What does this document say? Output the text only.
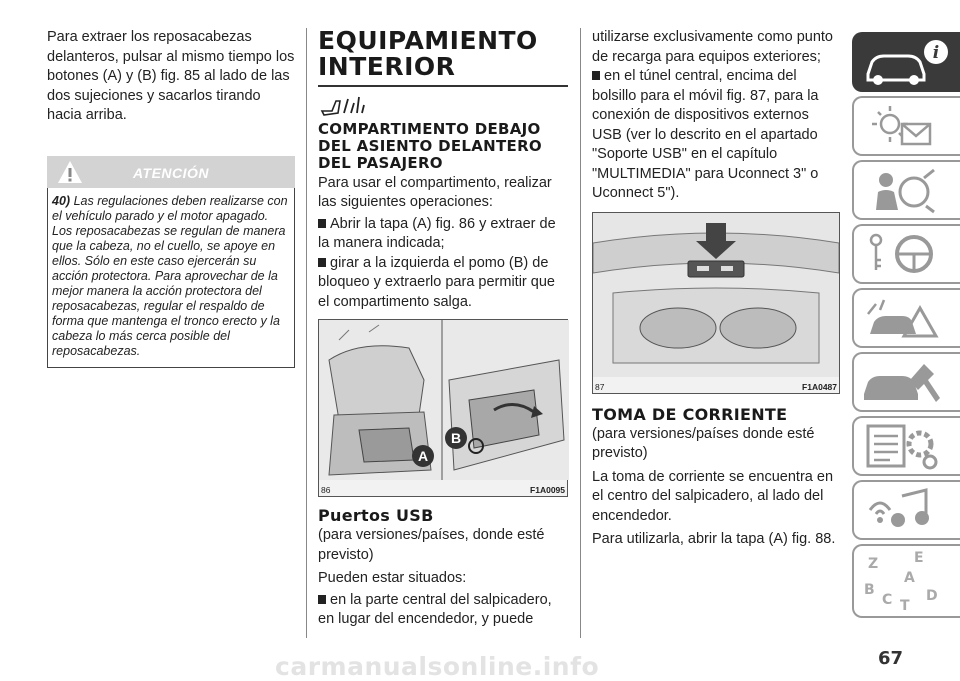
Para extraer los reposacabezas delanteros, pulsar al mismo tiempo los botones (A) y (B) fig. 85 al lado de las dos sujeciones y sacarlos tirando hacia arriba.

ATENCIÓN
40) Las regulaciones deben realizarse con el vehículo parado y el motor apagado. Los reposacabezas se regulan de manera que la cabeza, no el cuello, se apoye en ellos. Sólo en este caso ejercerán su acción protectora. Para aprovechar de la mejor manera la acción protectora del reposacabezas, regular el respaldo de forma que mantenga el tronco erecto y la cabeza lo más cerca posible del reposacabezas.
EQUIPAMIENTO INTERIOR
COMPARTIMENTO DEBAJO DEL ASIENTO DELANTERO DEL PASAJERO

Para usar el compartimento, realizar las siguientes operaciones:

Abrir la tapa (A) fig. 86 y extraer de la manera indicada;

girar a la izquierda el pomo (B) de bloqueo y extraerlo para permitir que el compartimento salga.

A
B
86	F1A0095
Puertos USB

(para versiones/países, donde esté previsto)

Pueden estar situados:

en la parte central del salpicadero, en lugar del encendedor, y puede

utilizarse exclusivamente como punto de recarga para equipos exteriores;

en el túnel central, encima del bolsillo para el móvil fig. 87, para la conexión de dispositivos externos USB (ver lo descrito en el apartado "Soporte USB" en el capítulo "MULTIMEDIA" para Uconnect 3" o Uconnect 5").

87	F1A0487
TOMA DE CORRIENTE

(para versiones/países donde esté previsto)

La toma de corriente se encuentra en el centro del salpicadero, al lado del encendedor.

Para utilizarla, abrir la tapa (A) fig. 88.

i
Z	E
A
B
C T
D
carmanualsonline.info	67
